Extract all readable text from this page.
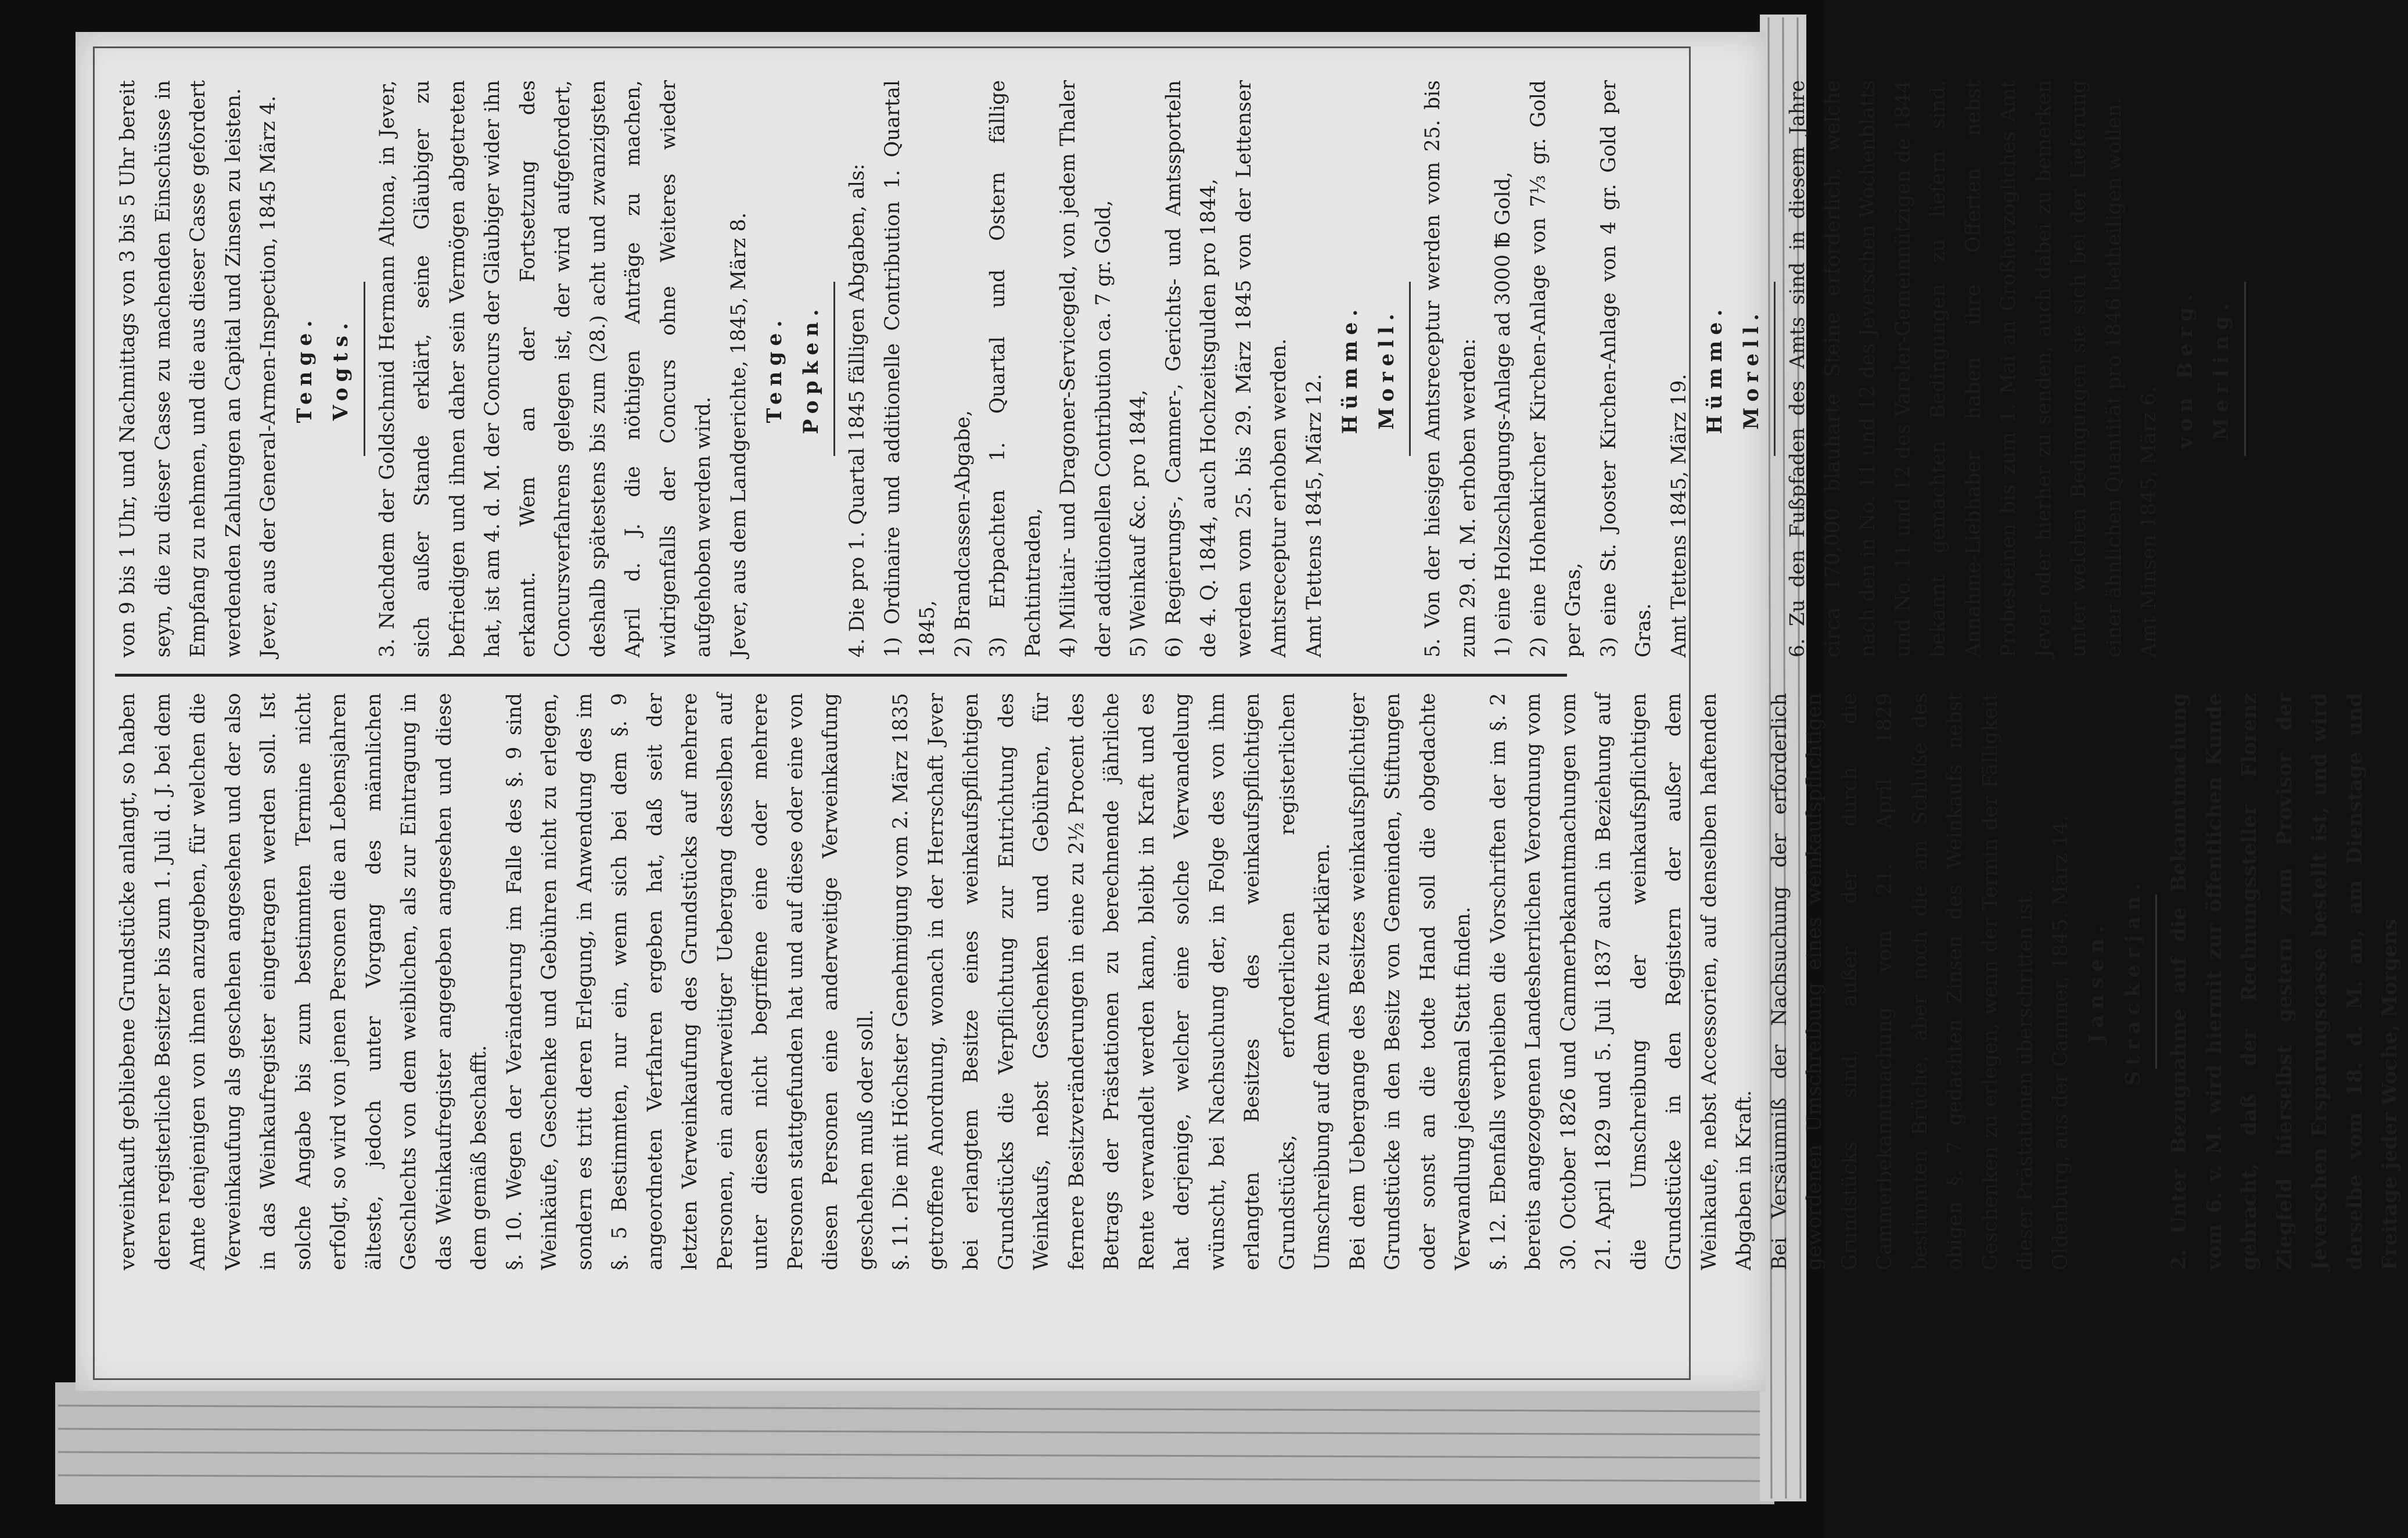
verweinkauft gebliebene Grundstücke anlangt, so haben deren registerliche Besitzer bis zum 1. Juli d. J. bei dem Amte denjenigen von ihnen anzugeben, für welchen die Verweinkaufung als geschehen angesehen und der also in das Weinkaufregister eingetragen werden soll. Ist solche Angabe bis zum bestimmten Termine nicht erfolgt, so wird von jenen Personen die an Lebensjahren älteste, jedoch unter Vorgang des männlichen Geschlechts von dem weiblichen, als zur Eintragung in das Weinkaufregister angegeben angesehen und diese dem gemäß beschafft. §. 10. Wegen der Veränderung im Falle des §. 9 sind Weinkäufe, Geschenke und Gebühren nicht zu erlegen, sondern es tritt deren Erlegung, in Anwendung des im §. 5 Bestimmten, nur ein, wenn sich bei dem §. 9 angeordneten Verfahren ergeben hat, daß seit der letzten Verweinkaufung des Grundstücks auf mehrere Personen, ein anderweitiger Uebergang desselben auf unter diesen nicht begriffene eine oder mehrere Personen stattgefunden hat und auf diese oder eine von diesen Personen eine anderweitige Verweinkaufung geschehen muß oder soll. §. 11. Die mit Höchster Genehmigung vom 2. März 1835 getroffene Anordnung, wonach in der Herrschaft Jever bei erlangtem Besitze eines weinkaufspflichtigen Grundstücks die Verpflichtung zur Entrichtung des Weinkaufs, nebst Geschenken und Gebühren, für fernere Besitzveränderungen in eine zu 2½ Procent des Betrags der Prästationen zu berechnende jährliche Rente verwandelt werden kann, bleibt in Kraft und es hat derjenige, welcher eine solche Verwandelung wünscht, bei Nachsuchung der, in Folge des von ihm erlangten Besitzes des weinkaufspflichtigen Grundstücks, erforderlichen registerlichen Umschreibung auf dem Amte zu erklären. Bei dem Uebergange des Besitzes weinkaufspflichtiger Grundstücke in den Besitz von Gemeinden, Stiftungen oder sonst an die todte Hand soll die obgedachte Verwandlung jedesmal Statt finden. §. 12. Ebenfalls verbleiben die Vorschriften der im §. 2 bereits angezogenen Landesherrlichen Verordnung vom 30. October 1826 und Cammerbekanntmachungen vom 21. April 1829 und 5. Juli 1837 auch in Beziehung auf die Umschreibung der weinkaufspflichtigen Grundstücke in den Registern der außer dem Weinkaufe, nebst Accessorien, auf denselben haftenden Abgaben in Kraft. Bei Versäumniß der Nachsuchung der erforderlich gewordenen Umschreibung eines weinkaufspflichtigen Grundstücks sind, außer der durch die Cammerbekanntmachung vom 21. April 1829 bestimmten Brüche, aber noch die am Schluße des obigen §. 7 gedachten Zinsen des Weinkaufs nebst Geschenken zu erlegen, wenn der Termin der Fälligkeit dieser Prästationen überschritten ist. Oldenburg, aus der Cammer, 1845. März 14. Jansen. Strackerjan.	2. Unter Bezugnahme auf die Bekanntmachung vom 6. v. M. wird hiermit zur öffentlichen Kunde gebracht, daß der Rechnungssteller Florenz Ziegfeld hierselbst gestern zum Provisor der Jeverschen Ersparungscasse bestellt ist, und wird derselbe vom 18. d. M. an, am Dienstage und Freitage jeder Woche, Morgens

von 9 bis 1 Uhr, und Nachmittags von 3 bis 5 Uhr bereit seyn, die zu dieser Casse zu machenden Einschüsse in Empfang zu nehmen, und die aus dieser Casse gefordert werdenden Zahlungen an Capital und Zinsen zu leisten. Jever, aus der General-Armen-Inspection, 1845 März 4. Tenge. Vogts.	3. Nachdem der Goldschmid Hermann Altona, in Jever, sich außer Stande erklärt, seine Gläubiger zu befriedigen und ihnen daher sein Vermögen abgetreten hat, ist am 4. d. M. der Concurs der Gläubiger wider ihn erkannt. Wem an der Fortsetzung des Concursverfahrens gelegen ist, der wird aufgefordert, deshalb spätestens bis zum (28.) acht und zwanzigsten April d. J. die nöthigen Anträge zu machen, widrigenfalls der Concurs ohne Weiteres wieder aufgehoben werden wird. Jever, aus dem Landgerichte, 1845, März 8. Tenge. Popken.	4. Die pro 1. Quartal 1845 fälligen Abgaben, als: 1) Ordinaire und additionelle Contribution 1. Quartal 1845, 2) Brandcassen-Abgabe, 3) Erbpachten 1. Quartal und Ostern fällige Pachtintraden, 4) Militair- und Dragoner-Servicegeld, von jedem Thaler der additionellen Contribution ca. 7 gr. Gold, 5) Weinkauf &c. pro 1844, 6) Regierungs-, Cammer-, Gerichts- und Amtssporteln de 4. Q. 1844, auch Hochzeitsgulden pro 1844, werden vom 25. bis 29. März 1845 von der Lettenser Amtsreceptur erhoben werden. Amt Tettens 1845, März 12.

Hümme. Morell.	5. Von der hiesigen Amtsreceptur werden vom 25. bis zum 29. d. M. erhoben werden: 1) eine Holzschlagungs-Anlage ad 3000 ℔ Gold, 2) eine Hohenkircher Kirchen-Anlage von 7⅓ gr. Gold per Gras, 3) eine St. Jooster Kirchen-Anlage von 4 gr. Gold per Gras. Amt Tettens 1845, März 19.

Hümme. Morell.	6. Zu den Fußpfaden des Amts sind in diesem Jahre circa 170,000 blauharte Steine erforderlich, welche nach den in No. 11 und 12 des Jeverschen Wochenblatts und No. 11 und 12 des Vareler-Gemeinnützigen de 1844 bekannt gemachten Bedingungen zu liefern sind. Annahme-Liebhaber haben ihre Offerten nebst Probesteinen bis zum 1. Mai an Großherzogliches Amt Jever oder hierher zu senden, auch dabei zu bemerken unter welchen Bedingungen sie sich bei der Lieferung einer ähnlichen Quantität pro 1846 betheiligen wollen. Amt Minsen 1845, März 6.

von Berg. Merling.
